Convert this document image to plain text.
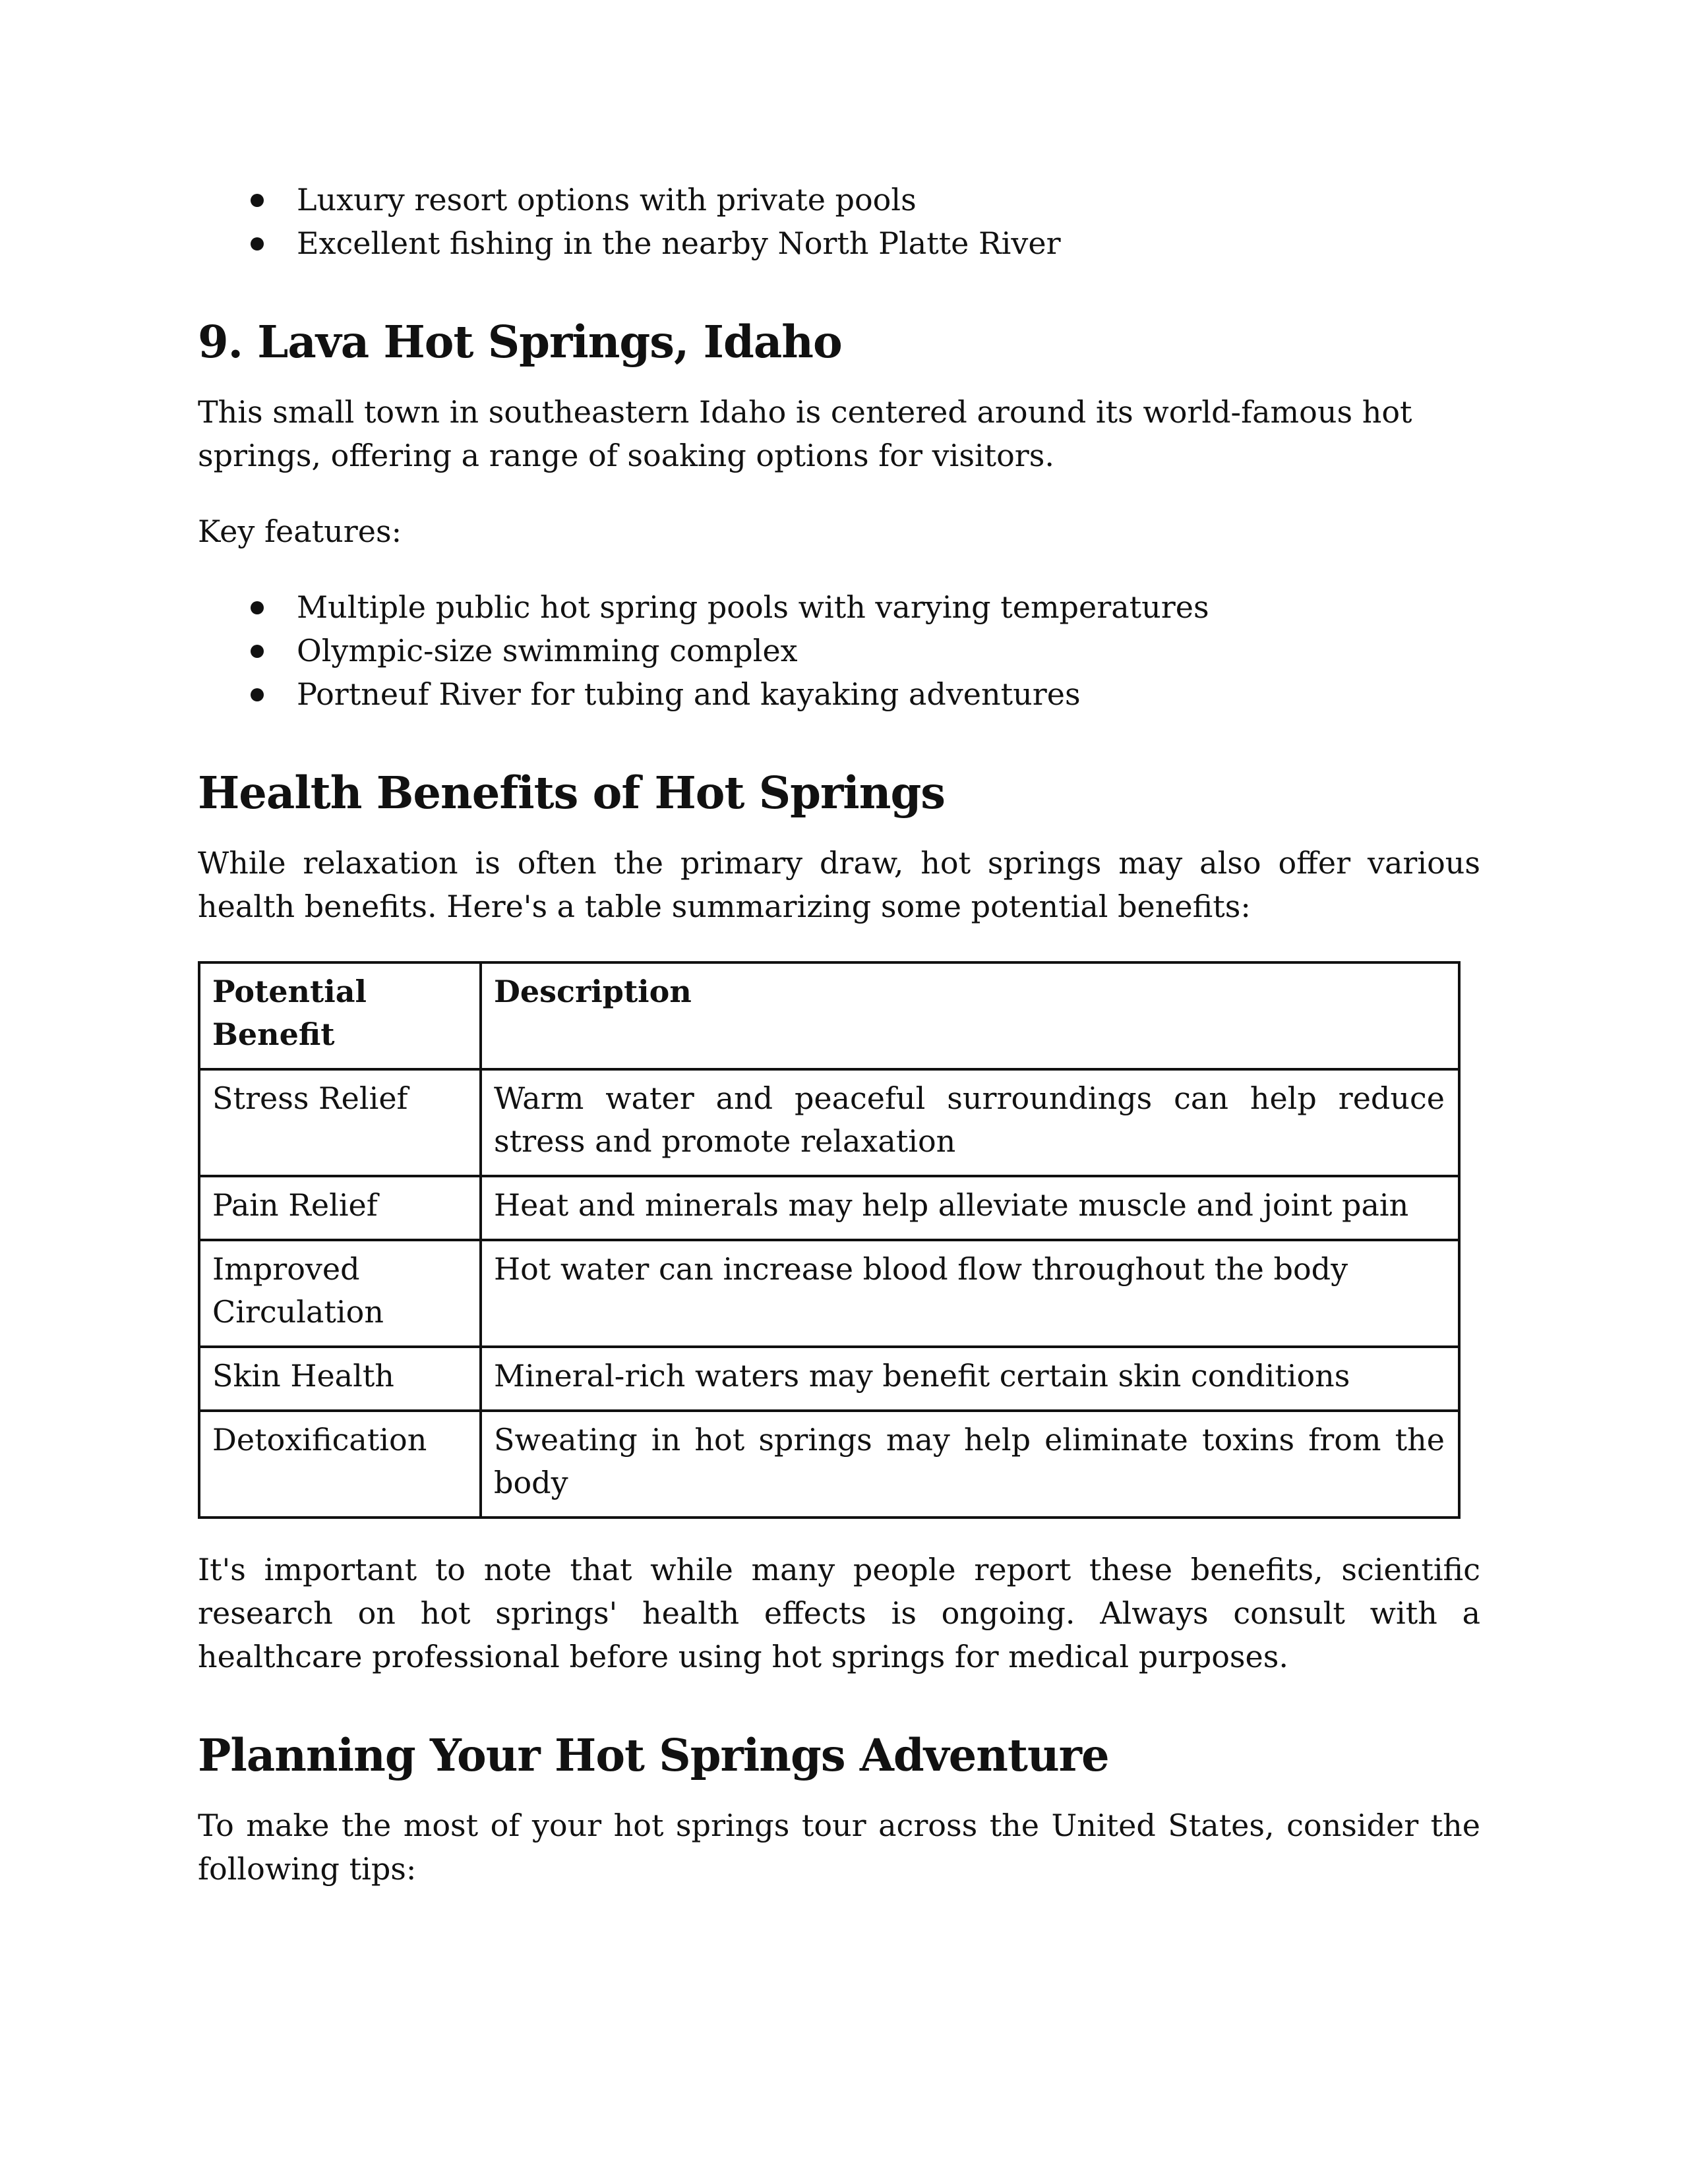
Luxury resort options with private pools
Excellent fishing in the nearby North Platte River
9. Lava Hot Springs, Idaho

This small town in southeastern Idaho is centered around its world-famous hot springs, offering a range of soaking options for visitors.

Key features:

Multiple public hot spring pools with varying temperatures
Olympic-size swimming complex
Portneuf River for tubing and kayaking adventures
Health Benefits of Hot Springs

While relaxation is often the primary draw, hot springs may also offer various health benefits. Here's a table summarizing some potential benefits:

Potential Benefit	Description
Stress Relief	Warm water and peaceful surroundings can help reduce stress and promote relaxation
Pain Relief	Heat and minerals may help alleviate muscle and joint pain
Improved Circulation	Hot water can increase blood flow throughout the body
Skin Health	Mineral-rich waters may benefit certain skin conditions
Detoxification	Sweating in hot springs may help eliminate toxins from the body

It's important to note that while many people report these benefits, scientific research on hot springs' health effects is ongoing. Always consult with a healthcare professional before using hot springs for medical purposes.

Planning Your Hot Springs Adventure

To make the most of your hot springs tour across the United States, consider the following tips:
